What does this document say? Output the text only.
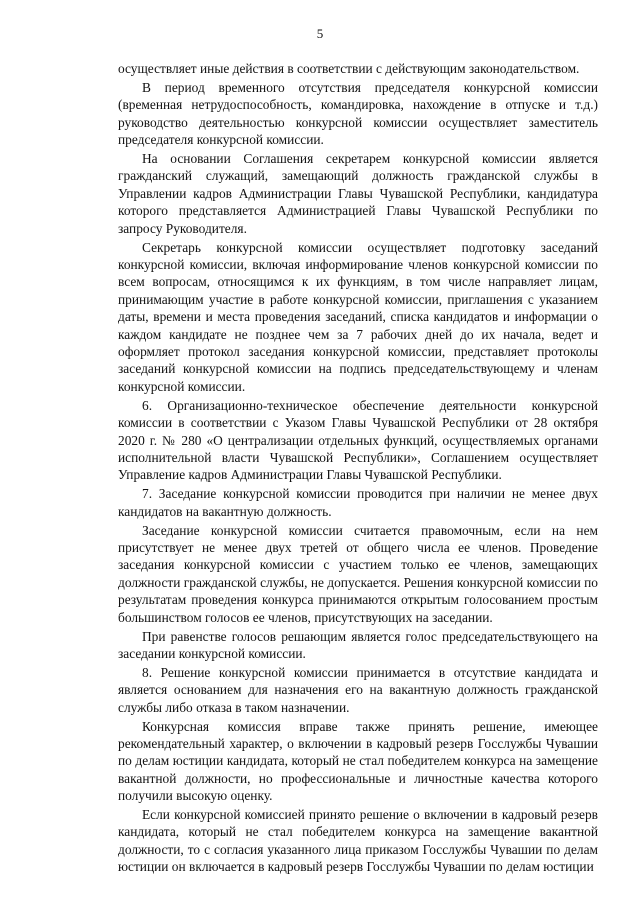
5

осуществляет иные действия в соответствии с действующим законодательством.

В период временного отсутствия председателя конкурсной комиссии (временная нетрудоспособность, командировка, нахождение в отпуске и т.д.) руководство деятельностью конкурсной комиссии осуществляет заместитель председателя конкурсной комиссии.

На основании Соглашения секретарем конкурсной комиссии является гражданский служащий, замещающий должность гражданской службы в Управлении кадров Администрации Главы Чувашской Республики, кандидатура которого представляется Администрацией Главы Чувашской Республики по запросу Руководителя.

Секретарь конкурсной комиссии осуществляет подготовку заседаний конкурсной комиссии, включая информирование членов конкурсной комиссии по всем вопросам, относящимся к их функциям, в том числе направляет лицам, принимающим участие в работе конкурсной комиссии, приглашения с указанием даты, времени и места проведения заседаний, списка кандидатов и информации о каждом кандидате не позднее чем за 7 рабочих дней до их начала, ведет и оформляет протокол заседания конкурсной комиссии, представляет протоколы заседаний конкурсной комиссии на подпись председательствующему и членам конкурсной комиссии.

6. Организационно-техническое обеспечение деятельности конкурсной комиссии в соответствии с Указом Главы Чувашской Республики от 28 октября 2020 г. № 280 «О централизации отдельных функций, осуществляемых органами исполнительной власти Чувашской Республики», Соглашением осуществляет Управление кадров Администрации Главы Чувашской Республики.

7. Заседание конкурсной комиссии проводится при наличии не менее двух кандидатов на вакантную должность.

Заседание конкурсной комиссии считается правомочным, если на нем присутствует не менее двух третей от общего числа ее членов. Проведение заседания конкурсной комиссии с участием только ее членов, замещающих должности гражданской службы, не допускается. Решения конкурсной комиссии по результатам проведения конкурса принимаются открытым голосованием простым большинством голосов ее членов, присутствующих на заседании.

При равенстве голосов решающим является голос председательствующего на заседании конкурсной комиссии.

8. Решение конкурсной комиссии принимается в отсутствие кандидата и является основанием для назначения его на вакантную должность гражданской службы либо отказа в таком назначении.

Конкурсная комиссия вправе также принять решение, имеющее рекомендательный характер, о включении в кадровый резерв Госслужбы Чувашии по делам юстиции кандидата, который не стал победителем конкурса на замещение вакантной должности, но профессиональные и личностные качества которого получили высокую оценку.

Если конкурсной комиссией принято решение о включении в кадровый резерв кандидата, который не стал победителем конкурса на замещение вакантной должности, то с согласия указанного лица приказом Госслужбы Чувашии по делам юстиции он включается в кадровый резерв Госслужбы Чувашии по делам юстиции
